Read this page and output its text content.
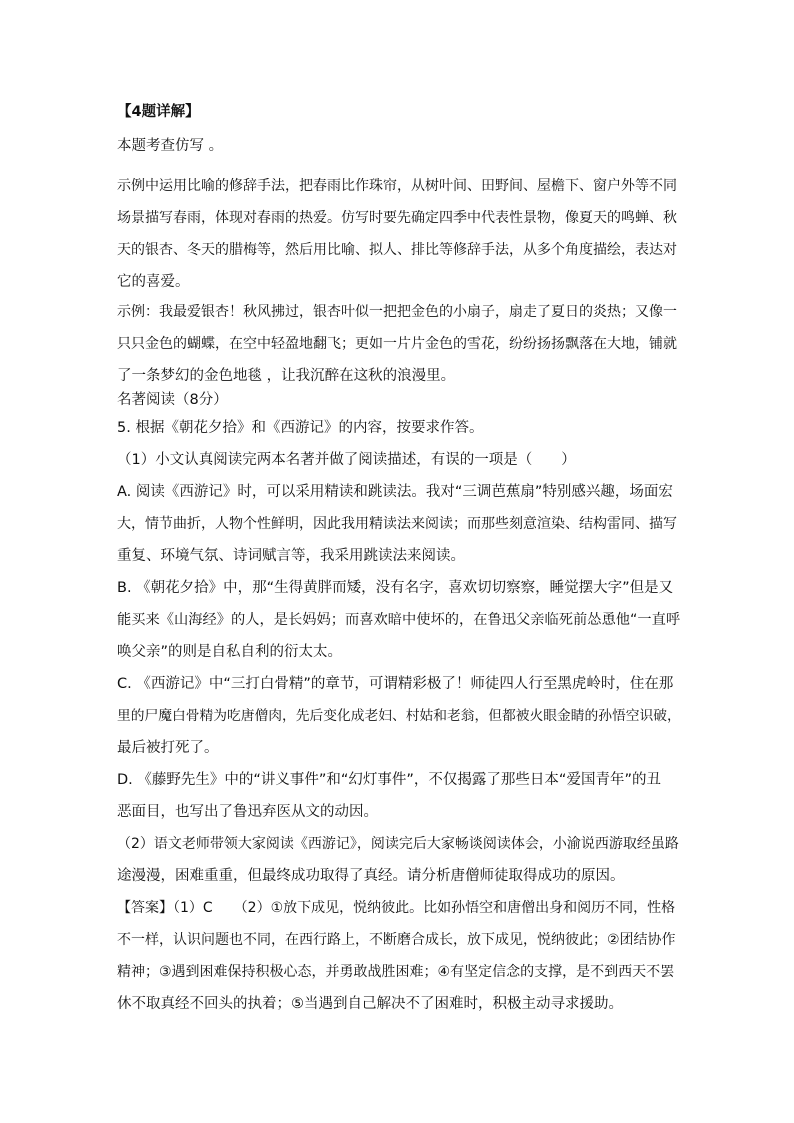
【4题详解】

本题考查仿写 。

示例中运用比喻的修辞手法，把春雨比作珠帘，从树叶间、田野间、屋檐下、窗户外等不同

场景描写春雨，体现对春雨的热爱。仿写时要先确定四季中代表性景物，像夏天的鸣蝉、秋

天的银杏、冬天的腊梅等，然后用比喻、拟人、排比等修辞手法，从多个角度描绘，表达对

它的喜爱。

示例：我最爱银杏！秋风拂过，银杏叶似一把把金色的小扇子，扇走了夏日的炎热；又像一

只只金色的蝴蝶，在空中轻盈地翻飞；更如一片片金色的雪花，纷纷扬扬飘落在大地，铺就

了一条梦幻的金色地毯 ，让我沉醉在这秋的浪漫里。

名著阅读（8分）

5. 根据《朝花夕拾》和《西游记》的内容，按要求作答。

（1）小文认真阅读完两本名著并做了阅读描述，有误的一项是（　　）

A. 阅读《西游记》时，可以采用精读和跳读法。我对“三调芭蕉扇”特别感兴趣，场面宏

大，情节曲折，人物个性鲜明，因此我用精读法来阅读；而那些刻意渲染、结构雷同、描写

重复、环境气氛、诗词赋言等，我采用跳读法来阅读。

B. 《朝花夕拾》中，那“生得黄胖而矮，没有名字，喜欢切切察察，睡觉摆大字”但是又

能买来《山海经》的人，是长妈妈；而喜欢暗中使坏的，在鲁迅父亲临死前怂恿他“一直呼

唤父亲”的则是自私自利的衍太太。

C. 《西游记》中“三打白骨精”的章节，可谓精彩极了！师徒四人行至黑虎岭时，住在那

里的尸魔白骨精为吃唐僧肉，先后变化成老妇、村姑和老翁，但都被火眼金睛的孙悟空识破，

最后被打死了。

D. 《藤野先生》中的“讲义事件”和“幻灯事件”，不仅揭露了那些日本“爱国青年”的丑

恶面目，也写出了鲁迅弃医从文的动因。

（2）语文老师带领大家阅读《西游记》，阅读完后大家畅谈阅读体会，小渝说西游取经虽路

途漫漫，困难重重，但最终成功取得了真经。请分析唐僧师徒取得成功的原因。

【答案】（1）C　　（2）①放下成见，悦纳彼此。比如孙悟空和唐僧出身和阅历不同，性格

不一样，认识问题也不同，在西行路上，不断磨合成长，放下成见，悦纳彼此；②团结协作

精神；③遇到困难保持积极心态，并勇敢战胜困难；④有坚定信念的支撑，是不到西天不罢

休不取真经不回头的执着；⑤当遇到自己解决不了困难时，积极主动寻求援助。
